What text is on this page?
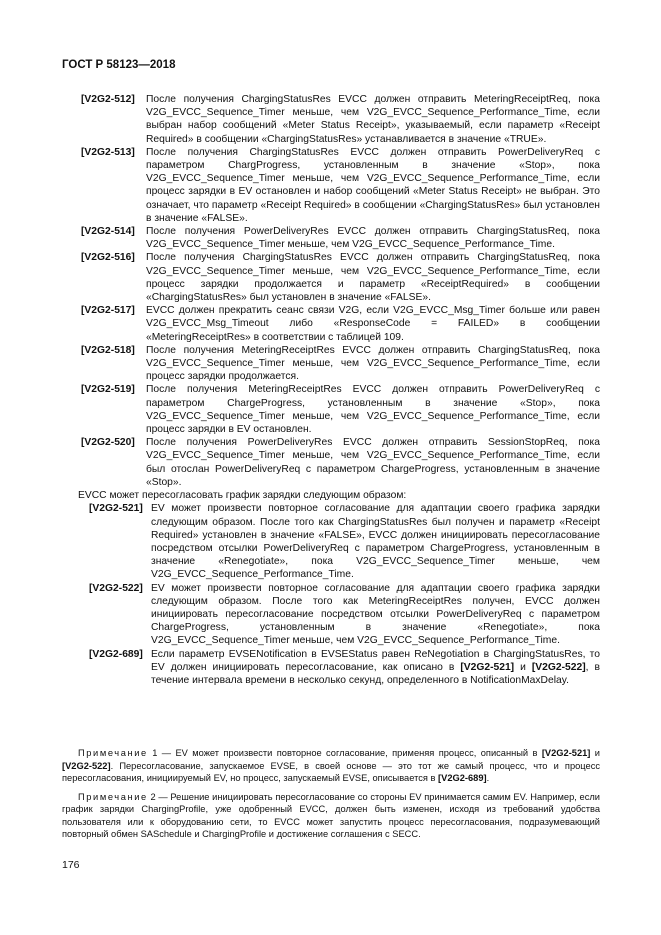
ГОСТ Р 58123—2018
[V2G2-512]	После получения ChargingStatusRes EVCC должен отправить MeteringReceiptReq, пока V2G_EVCC_Sequence_Timer меньше, чем V2G_EVCC_Sequence_Performance_Time, если выбран набор сообщений «Meter Status Receipt», указываемый, если параметр «Receipt Required» в сообщении «ChargingStatusRes» устанавливается в значение «TRUE».
[V2G2-513]	После получения ChargingStatusRes EVCC должен отправить PowerDeliveryReq с параметром ChargProgress, установленным в значение «Stop», пока V2G_EVCC_Sequence_Timer меньше, чем V2G_EVCC_Sequence_Performance_Time, если процесс зарядки в EV остановлен и набор сообщений «Meter Status Receipt» не выбран. Это означает, что параметр «Receipt Required» в сообщении «ChargingStatusRes» был установлен в значение «FALSE».
[V2G2-514]	После получения PowerDeliveryRes EVCC должен отправить ChargingStatusReq, пока V2G_EVCC_Sequence_Timer меньше, чем V2G_EVCC_Sequence_Performance_Time.
[V2G2-516]	После получения ChargingStatusRes EVCC должен отправить ChargingStatusReq, пока V2G_EVCC_Sequence_Timer меньше, чем V2G_EVCC_Sequence_Performance_Time, если процесс зарядки продолжается и параметр «ReceiptRequired» в сообщении «ChargingStatusRes» был установлен в значение «FALSE».
[V2G2-517]	EVCC должен прекратить сеанс связи V2G, если V2G_EVCC_Msg_Timer больше или равен V2G_EVCC_Msg_Timeout либо «ResponseCode = FAILED» в сообщении «MeteringReceiptRes» в соответствии с таблицей 109.
[V2G2-518]	После получения MeteringReceiptRes EVCC должен отправить ChargingStatusReq, пока V2G_EVCC_Sequence_Timer меньше, чем V2G_EVCC_Sequence_Performance_Time, если процесс зарядки продолжается.
[V2G2-519]	После получения MeteringReceiptRes EVCC должен отправить PowerDeliveryReq с параметром ChargeProgress, установленным в значение «Stop», пока V2G_EVCC_Sequence_Timer меньше, чем V2G_EVCC_Sequence_Performance_Time, если процесс зарядки в EV остановлен.
[V2G2-520]	После получения PowerDeliveryRes EVCC должен отправить SessionStopReq, пока V2G_EVCC_Sequence_Timer меньше, чем V2G_EVCC_Sequence_Performance_Time, если был отослан PowerDeliveryReq с параметром ChargeProgress, установленным в значение «Stop».

EVCC может пересогласовать график зарядки следующим образом:

[V2G2-521] EV может произвести повторное согласование для адаптации своего графика зарядки следующим образом. После того как ChargingStatusRes был получен и параметр «Receipt Required» установлен в значение «FALSE», EVCC должен инициировать пересогласование посредством отсылки PowerDeliveryReq с параметром ChargeProgress, установленным в значение «Renegotiate», пока V2G_EVCC_Sequence_Timer меньше, чем V2G_EVCC_Sequence_Performance_Time.
[V2G2-522] EV может произвести повторное согласование для адаптации своего графика зарядки следующим образом. После того как MeteringReceiptRes получен, EVCC должен инициировать пересогласование посредством отсылки PowerDeliveryReq с параметром ChargeProgress, установленным в значение «Renegotiate», пока V2G_EVCC_Sequence_Timer меньше, чем V2G_EVCC_Sequence_Performance_Time.
[V2G2-689] Если параметр EVSENotification в EVSEStatus равен ReNegotiation в ChargingStatusRes, то EV должен инициировать пересогласование, как описано в [V2G2-521] и [V2G2-522], в течение интервала времени в несколько секунд, определенного в NotificationMaxDelay.

Примечание 1 — EV может произвести повторное согласование, применяя процесс, описанный в [V2G2-521] и [V2G2-522]. Пересогласование, запускаемое EVSE, в своей основе — это тот же самый процесс, что и процесс пересогласования, инициируемый EV, но процесс, запускаемый EVSE, описывается в [V2G2-689].

Примечание 2 — Решение инициировать пересогласование со стороны EV принимается самим EV. Например, если график зарядки ChargingProfile, уже одобренный EVCC, должен быть изменен, исходя из требований удобства пользователя или к оборудованию сети, то EVCC может запустить процесс пересогласования, подразумевающий повторный обмен SASchedule и ChargingProfile и достижение соглашения с SECC.

176
